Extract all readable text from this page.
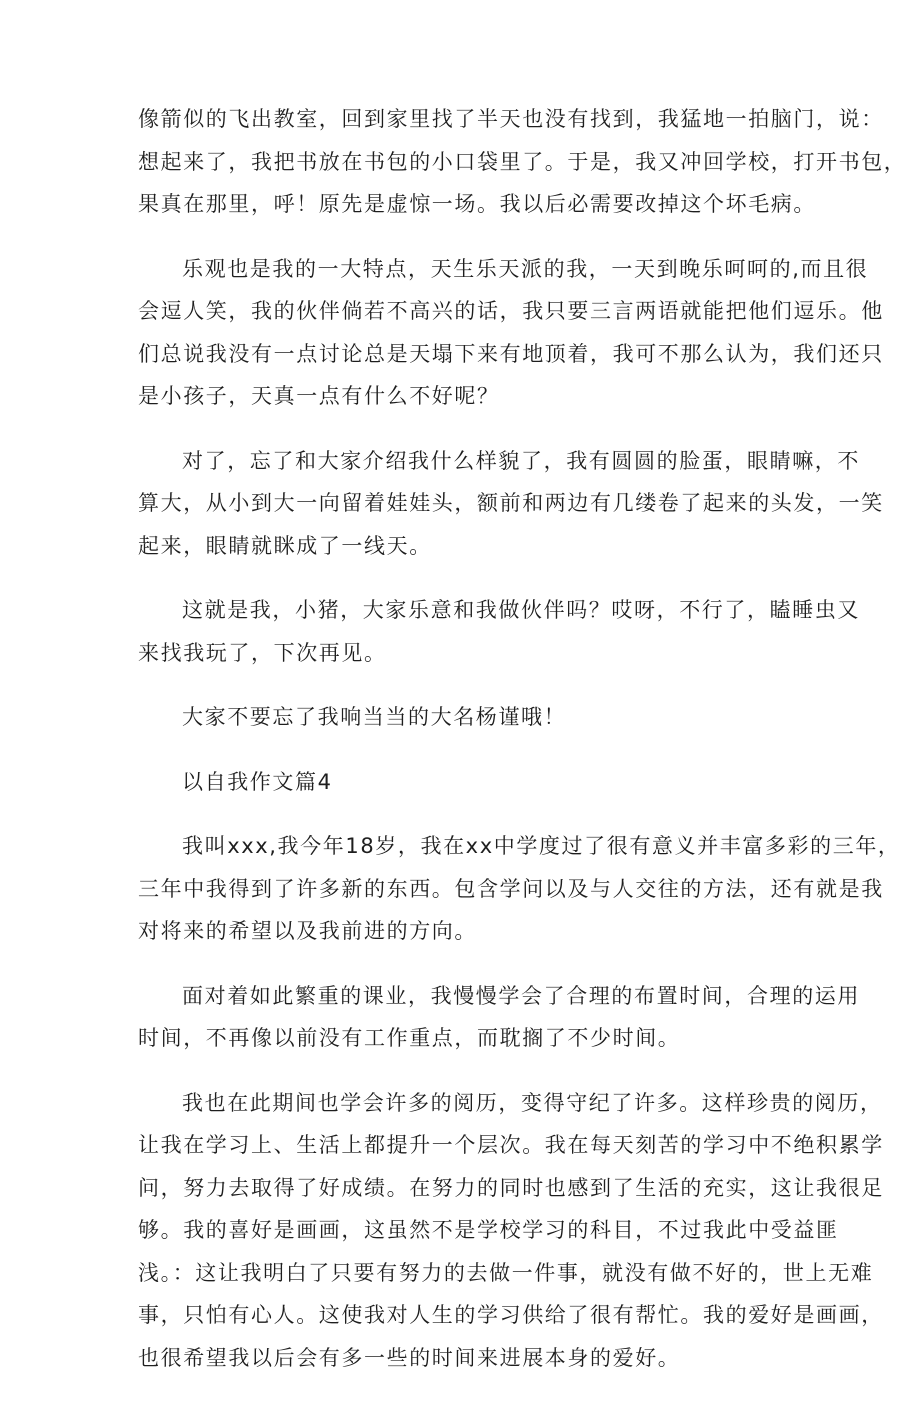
像箭似的飞出教室，回到家里找了半天也没有找到，我猛地一拍脑门，说：
想起来了，我把书放在书包的小口袋里了。于是，我又冲回学校，打开书包，
果真在那里，呼！原先是虚惊一场。我以后必需要改掉这个坏毛病。
乐观也是我的一大特点，天生乐天派的我，一天到晚乐呵呵的,而且很
会逗人笑，我的伙伴倘若不高兴的话，我只要三言两语就能把他们逗乐。他
们总说我没有一点讨论总是天塌下来有地顶着，我可不那么认为，我们还只
是小孩子，天真一点有什么不好呢？
对了，忘了和大家介绍我什么样貌了，我有圆圆的脸蛋，眼睛嘛，不
算大，从小到大一向留着娃娃头，额前和两边有几缕卷了起来的头发，一笑
起来，眼睛就眯成了一线天。
这就是我，小猪，大家乐意和我做伙伴吗？哎呀，不行了，瞌睡虫又
来找我玩了，下次再见。
大家不要忘了我响当当的大名杨谨哦！
以自我作文篇4
我叫xxx,我今年18岁，我在xx中学度过了很有意义并丰富多彩的三年，
三年中我得到了许多新的东西。包含学问以及与人交往的方法，还有就是我
对将来的希望以及我前进的方向。
面对着如此繁重的课业，我慢慢学会了合理的布置时间，合理的运用
时间，不再像以前没有工作重点，而耽搁了不少时间。
我也在此期间也学会许多的阅历，变得守纪了许多。这样珍贵的阅历，
让我在学习上、生活上都提升一个层次。我在每天刻苦的学习中不绝积累学
问，努力去取得了好成绩。在努力的同时也感到了生活的充实，这让我很足
够。我的喜好是画画，这虽然不是学校学习的科目，不过我此中受益匪
浅。：这让我明白了只要有努力的去做一件事，就没有做不好的，世上无难
事，只怕有心人。这使我对人生的学习供给了很有帮忙。我的爱好是画画，
也很希望我以后会有多一些的时间来进展本身的爱好。
